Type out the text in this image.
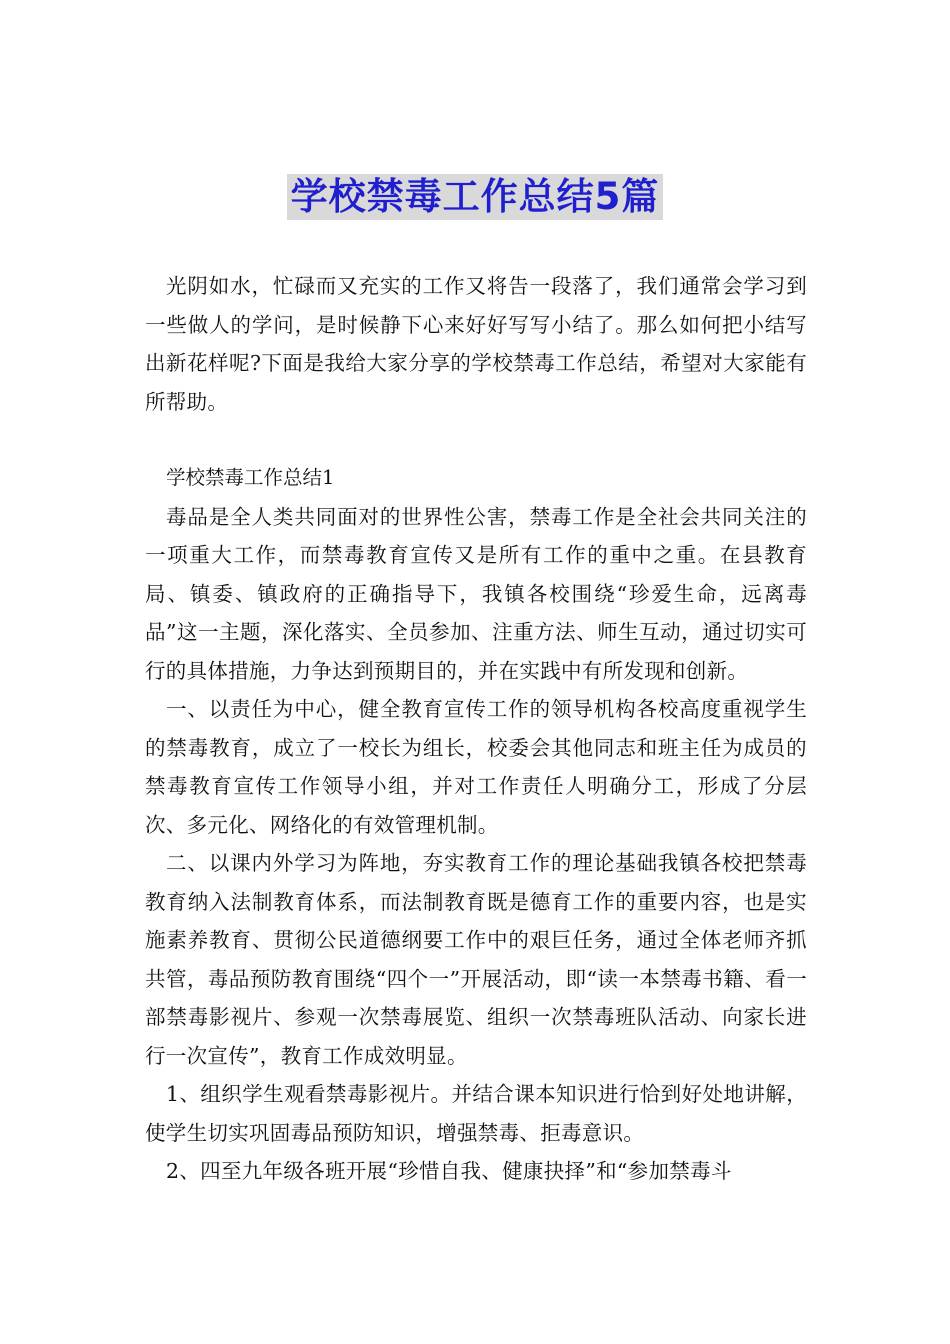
学校禁毒工作总结5篇

光阴如水，忙碌而又充实的工作又将告一段落了，我们通常会学习到一些做人的学问，是时候静下心来好好写写小结了。那么如何把小结写出新花样呢?下面是我给大家分享的学校禁毒工作总结，希望对大家能有所帮助。

学校禁毒工作总结1

毒品是全人类共同面对的世界性公害，禁毒工作是全社会共同关注的一项重大工作，而禁毒教育宣传又是所有工作的重中之重。在县教育局、镇委、镇政府的正确指导下，我镇各校围绕“珍爱生命，远离毒品”这一主题，深化落实、全员参加、注重方法、师生互动，通过切实可行的具体措施，力争达到预期目的，并在实践中有所发现和创新。

一、以责任为中心，健全教育宣传工作的领导机构各校高度重视学生的禁毒教育，成立了一校长为组长，校委会其他同志和班主任为成员的禁毒教育宣传工作领导小组，并对工作责任人明确分工，形成了分层次、多元化、网络化的有效管理机制。

二、以课内外学习为阵地，夯实教育工作的理论基础我镇各校把禁毒教育纳入法制教育体系，而法制教育既是德育工作的重要内容，也是实施素养教育、贯彻公民道德纲要工作中的艰巨任务，通过全体老师齐抓共管，毒品预防教育围绕“四个一”开展活动，即“读一本禁毒书籍、看一部禁毒影视片、参观一次禁毒展览、组织一次禁毒班队活动、向家长进行一次宣传”，教育工作成效明显。

1、组织学生观看禁毒影视片。并结合课本知识进行恰到好处地讲解，使学生切实巩固毒品预防知识，增强禁毒、拒毒意识。

2、四至九年级各班开展“珍惜自我、健康抉择”和“参加禁毒斗
